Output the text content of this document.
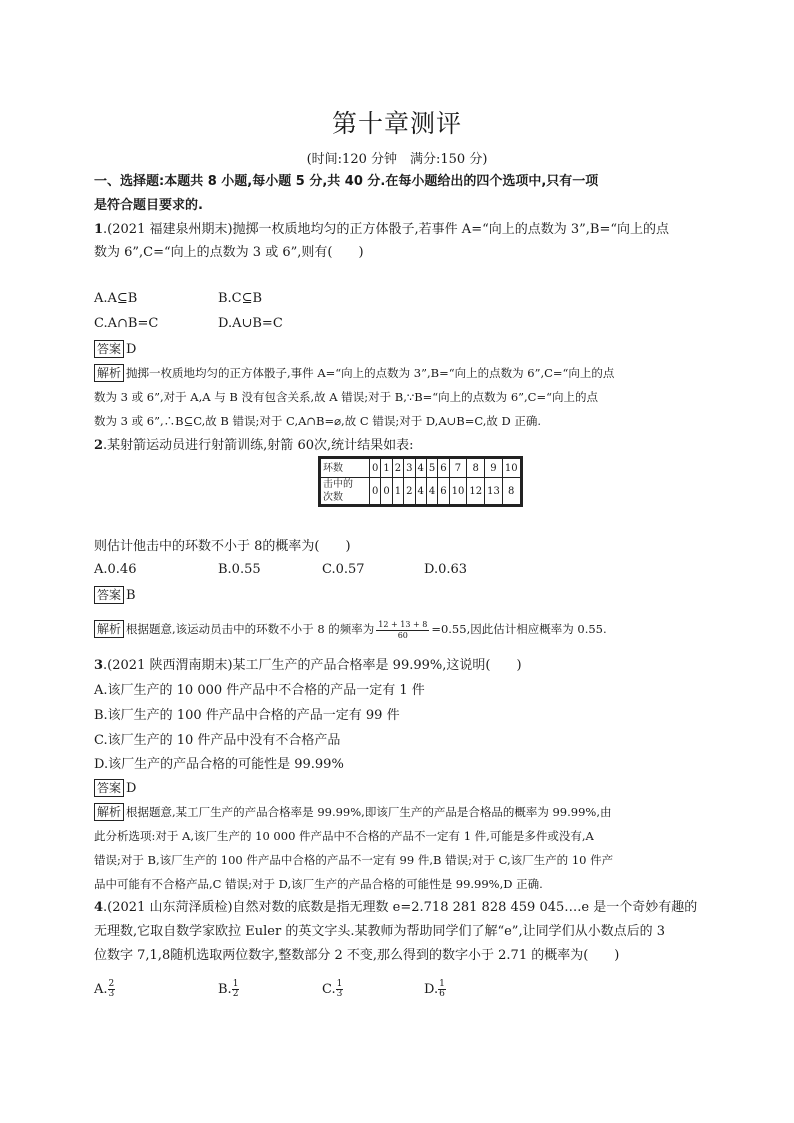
第十章测评
(时间:120 分钟　满分:150 分)
一、选择题:本题共 8 小题,每小题 5 分,共 40 分.在每小题给出的四个选项中,只有一项
是符合题目要求的.
1.(2021 福建泉州期末)抛掷一枚质地均匀的正方体骰子,若事件 A=“向上的点数为 3”,B=“向上的点
数为 6”,C=“向上的点数为 3 或 6”,则有(　　)
A.A⊆B	B.C⊆B
C.A∩B=C	D.A∪B=C
答案 D
解析 抛掷一枚质地均匀的正方体骰子,事件 A=“向上的点数为 3”,B=“向上的点数为 6”,C=“向上的点
数为 3 或 6”,对于 A,A 与 B 没有包含关系,故 A 错误;对于 B,∵B=“向上的点数为 6”,C=“向上的点
数为 3 或 6”,∴B⊆C,故 B 错误;对于 C,A∩B=⌀,故 C 错误;对于 D,A∪B=C,故 D 正确.
2.某射箭运动员进行射箭训练,射箭 60次,统计结果如表:
环数	0	1	2	3	4	5	6	7	8	9	10
击中的
次数	0	0	1	2	4	4	6	10	12	13	8
则估计他击中的环数不小于 8的概率为(　　)
A.0.46	B.0.55	C.0.57	D.0.63
答案 B
解析 根据题意,该运动员击中的环数不小于 8 的频率为 $\frac{12 + 13 + 8}{60} =0.55$,因此估计相应概率为 0.55.
3.(2021 陕西渭南期末)某工厂生产的产品合格率是 99.99%,这说明(　　)
A.该厂生产的 10 000 件产品中不合格的产品一定有 1 件
B.该厂生产的 100 件产品中合格的产品一定有 99 件
C.该厂生产的 10 件产品中没有不合格产品
D.该厂生产的产品合格的可能性是 99.99%
答案 D
解析 根据题意,某工厂生产的产品合格率是 99.99%,即该厂生产的产品是合格品的概率为 99.99%,由
此分析选项:对于 A,该厂生产的 10 000 件产品中不合格的产品不一定有 1 件,可能是多件或没有,A
错误;对于 B,该厂生产的 100 件产品中合格的产品不一定有 99 件,B 错误;对于 C,该厂生产的 10 件产
品中可能有不合格产品,C 错误;对于 D,该厂生产的产品合格的可能性是 99.99%,D 正确.
4.(2021 山东菏泽质检)自然对数的底数是指无理数 e=2.718 281 828 459 045….e 是一个奇妙有趣的
无理数,它取自数学家欧拉 Euler 的英文字头.某教师为帮助同学们了解“e”,让同学们从小数点后的 3
位数字 7,1,8随机选取两位数字,整数部分 2 不变,那么得到的数字小于 2.71 的概率为(　　)
A. $\frac{2}{3}$	B. $\frac{1}{2}$	C. $\frac{1}{3}$	D. $\frac{1}{6}$
